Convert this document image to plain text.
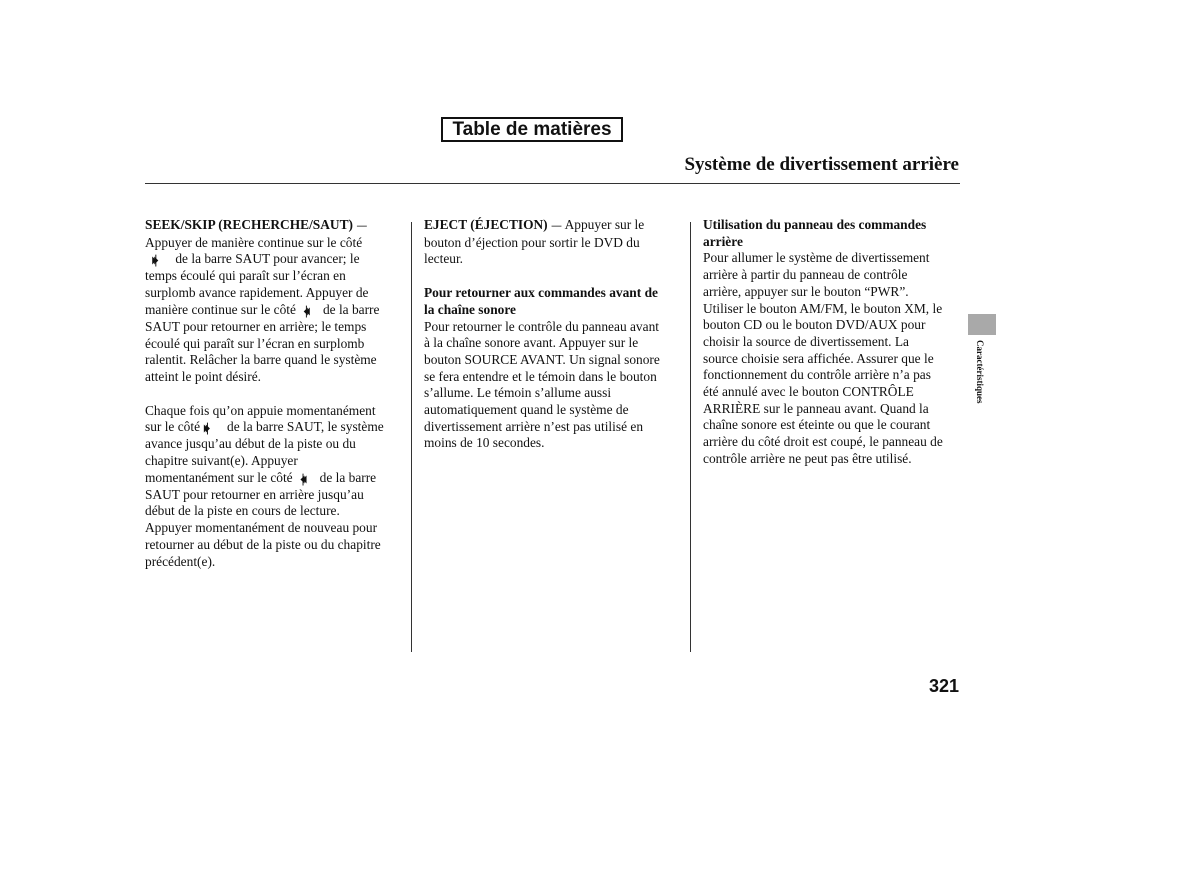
Table de matières
Système de divertissement arrière

SEEK/SKIP (RECHERCHE/SAUT) —

Appuyer de manière continue sur le côté

⏵⏵▏ de la barre SAUT pour avancer; le

temps écoulé qui paraît sur l’écran en

surplomb avance rapidement. Appuyer de

manière continue sur le côté ▕⏴⏴ de la barre

SAUT pour retourner en arrière; le temps

écoulé qui paraît sur l’écran en surplomb

ralentit. Relâcher la barre quand le système

atteint le point désiré.

Chaque fois qu’on appuie momentanément

sur le côté ⏵⏵▏ de la barre SAUT, le système

avance jusqu’au début de la piste ou du

chapitre suivant(e). Appuyer

momentanément sur le côté ▕⏴⏴ de la barre

SAUT pour retourner en arrière jusqu’au

début de la piste en cours de lecture.

Appuyer momentanément de nouveau pour

retourner au début de la piste ou du chapitre

précédent(e).

EJECT (ÉJECTION) — Appuyer sur le

bouton d’éjection pour sortir le DVD du

lecteur.

Pour retourner aux commandes avant de

la chaîne sonore

Pour retourner le contrôle du panneau avant

à la chaîne sonore avant. Appuyer sur le

bouton SOURCE AVANT. Un signal sonore

se fera entendre et le témoin dans le bouton

s’allume. Le témoin s’allume aussi

automatiquement quand le système de

divertissement arrière n’est pas utilisé en

moins de 10 secondes.

Utilisation du panneau des commandes

arrière

Pour allumer le système de divertissement

arrière à partir du panneau de contrôle

arrière, appuyer sur le bouton “PWR”.

Utiliser le bouton AM/FM, le bouton XM, le

bouton CD ou le bouton DVD/AUX pour

choisir la source de divertissement. La

source choisie sera affichée. Assurer que le

fonctionnement du contrôle arrière n’a pas

été annulé avec le bouton CONTRÔLE

ARRIÈRE sur le panneau avant. Quand la

chaîne sonore est éteinte ou que le courant

arrière du côté droit est coupé, le panneau de

contrôle arrière ne peut pas être utilisé.

Caractéristiques
321
